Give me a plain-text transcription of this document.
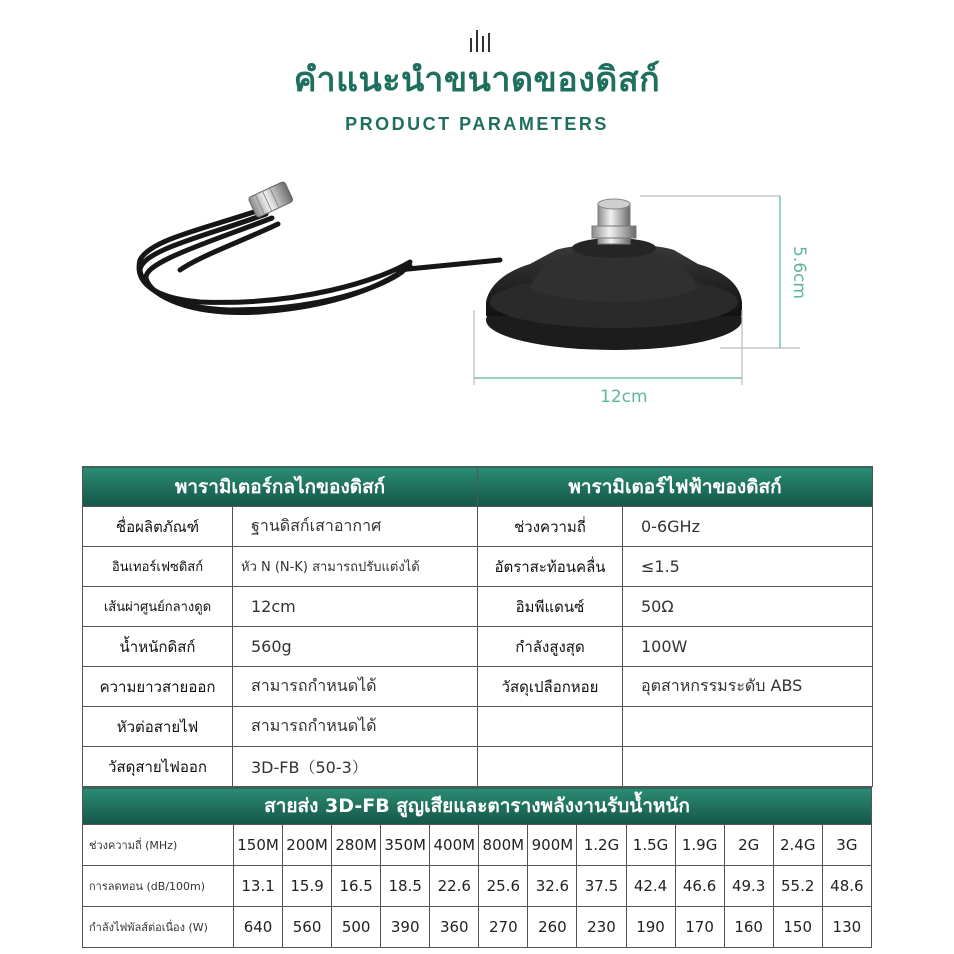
คำแนะนำขนาดของดิสก์
PRODUCT PARAMETERS
5.6cm
12cm
พารามิเตอร์กลไกของดิสก์		พารามิเตอร์ไฟฟ้าของดิสก์	
ชื่อผลิตภัณฑ์	ฐานดิสก์เสาอากาศ	ช่วงความถี่	0-6GHz
อินเทอร์เฟซดิสก์	หัว N (N-K) สามารถปรับแต่งได้	อัตราสะท้อนคลื่น	≤1.5
เส้นผ่าศูนย์กลางดูด	12cm	อิมพีแดนซ์	50Ω
น้ำหนักดิสก์	560g	กำลังสูงสุด	100W
ความยาวสายออก	สามารถกำหนดได้	วัสดุเปลือกหอย	อุตสาหกรรมระดับ ABS
หัวต่อสายไฟ	สามารถกำหนดได้		
วัสดุสายไฟออก	3D-FB（50-3）		
สายส่ง 3D-FB สูญเสียและตารางพลังงานรับน้ำหนัก													
ช่วงความถี่ (MHz)	150M	200M	280M	350M	400M	800M	900M	1.2G	1.5G	1.9G	2G	2.4G	3G
การลดทอน (dB/100m)	13.1	15.9	16.5	18.5	22.6	25.6	32.6	37.5	42.4	46.6	49.3	55.2	48.6
กำลังไฟพัลส์ต่อเนื่อง (W)	640	560	500	390	360	270	260	230	190	170	160	150	130
